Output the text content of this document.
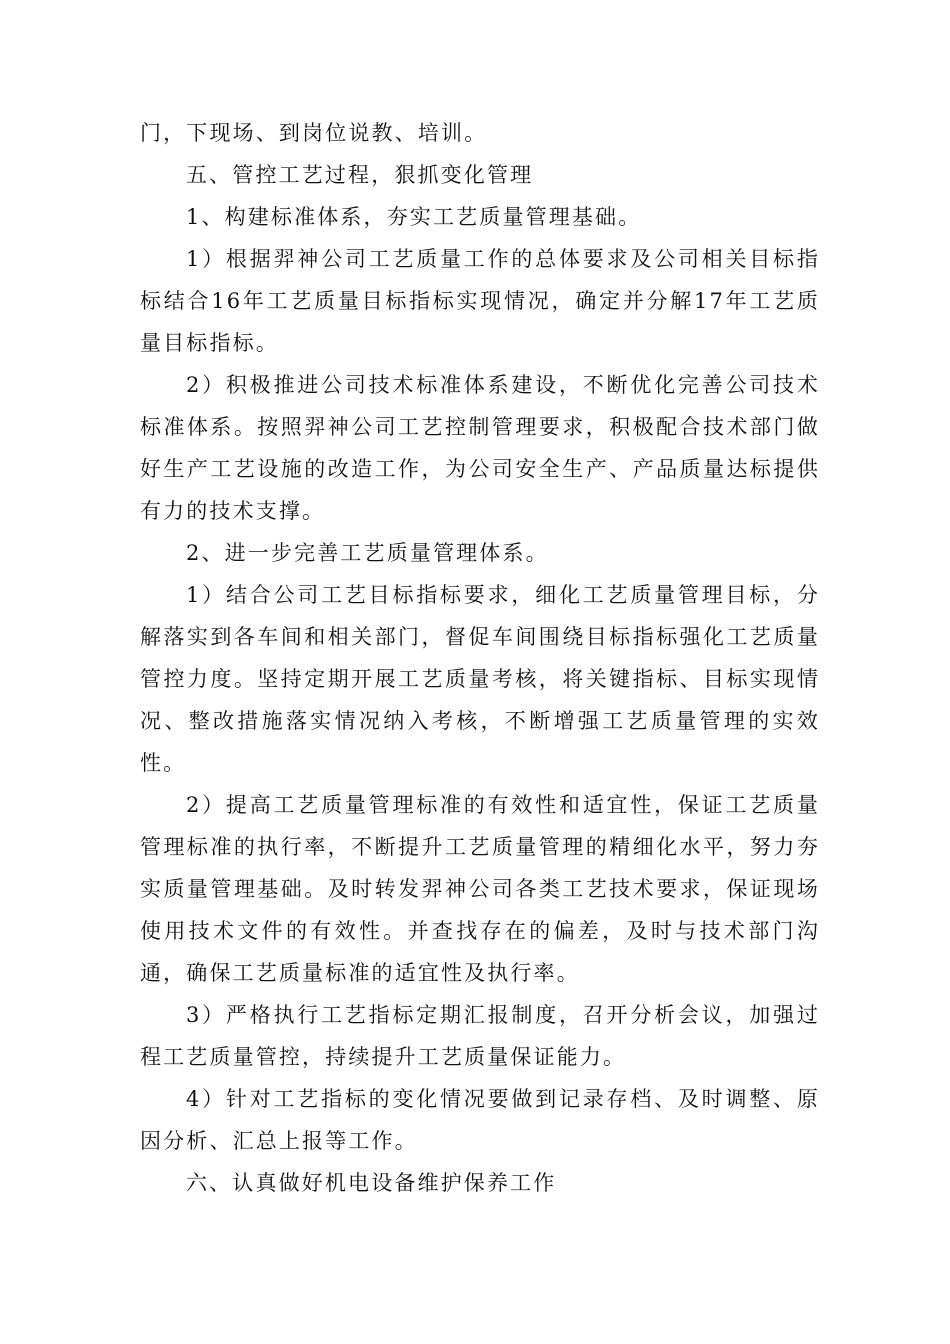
门，下现场、到岗位说教、培训。

五、管控工艺过程，狠抓变化管理

1、构建标准体系，夯实工艺质量管理基础。

1）根据羿神公司工艺质量工作的总体要求及公司相关目标指标结合16年工艺质量目标指标实现情况，确定并分解17年工艺质量目标指标。

2）积极推进公司技术标准体系建设，不断优化完善公司技术标准体系。按照羿神公司工艺控制管理要求，积极配合技术部门做好生产工艺设施的改造工作，为公司安全生产、产品质量达标提供有力的技术支撑。

2、进一步完善工艺质量管理体系。

1）结合公司工艺目标指标要求，细化工艺质量管理目标，分解落实到各车间和相关部门，督促车间围绕目标指标强化工艺质量管控力度。坚持定期开展工艺质量考核，将关键指标、目标实现情况、整改措施落实情况纳入考核，不断增强工艺质量管理的实效性。

2）提高工艺质量管理标准的有效性和适宜性，保证工艺质量管理标准的执行率，不断提升工艺质量管理的精细化水平，努力夯实质量管理基础。及时转发羿神公司各类工艺技术要求，保证现场使用技术文件的有效性。并查找存在的偏差，及时与技术部门沟通，确保工艺质量标准的适宜性及执行率。

3）严格执行工艺指标定期汇报制度，召开分析会议，加强过程工艺质量管控，持续提升工艺质量保证能力。

4）针对工艺指标的变化情况要做到记录存档、及时调整、原因分析、汇总上报等工作。

六、认真做好机电设备维护保养工作
